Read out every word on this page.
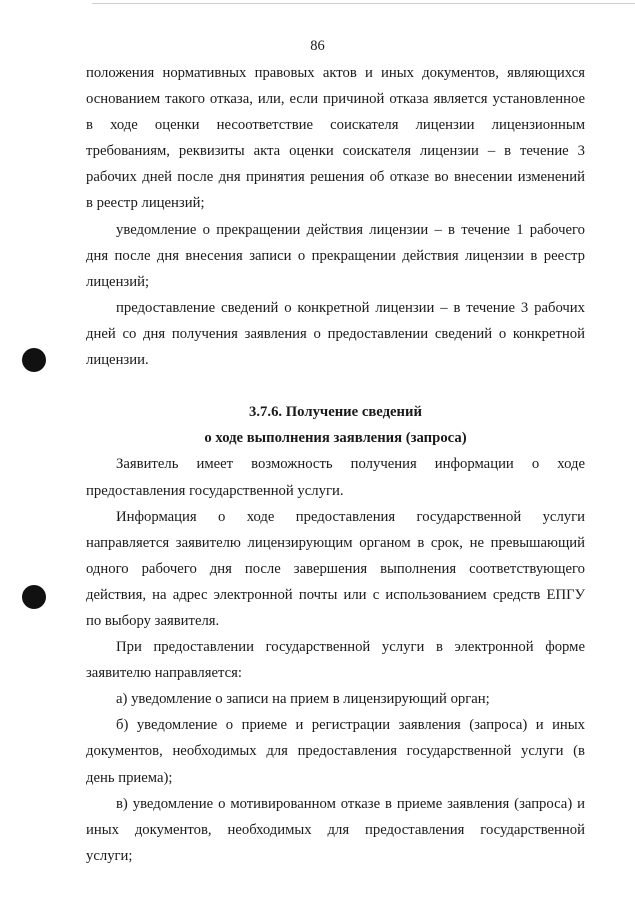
86
положения нормативных правовых актов и иных документов, являющихся
основанием такого отказа, или, если причиной отказа является установленное
в ходе оценки несоответствие соискателя лицензии лицензионным
требованиям, реквизиты акта оценки соискателя лицензии – в течение 3
рабочих дней после дня принятия решения об отказе во внесении изменений
в реестр лицензий;
уведомление о прекращении действия лицензии – в течение 1 рабочего
дня после дня внесения записи о прекращении действия лицензии в реестр
лицензий;
предоставление сведений о конкретной лицензии – в течение 3 рабочих
дней со дня получения заявления о предоставлении сведений о конкретной
лицензии.
3.7.6. Получение сведений
о ходе выполнения заявления (запроса)
Заявитель имеет возможность получения информации о ходе
предоставления государственной услуги.
Информация о ходе предоставления государственной услуги
направляется заявителю лицензирующим органом в срок, не превышающий
одного рабочего дня после завершения выполнения соответствующего
действия, на адрес электронной почты или с использованием средств ЕПГУ
по выбору заявителя.
При предоставлении государственной услуги в электронной форме
заявителю направляется:
а) уведомление о записи на прием в лицензирующий орган;
б) уведомление о приеме и регистрации заявления (запроса) и иных
документов, необходимых для предоставления государственной услуги (в
день приема);
в) уведомление о мотивированном отказе в приеме заявления (запроса) и
иных документов, необходимых для предоставления государственной
услуги;
